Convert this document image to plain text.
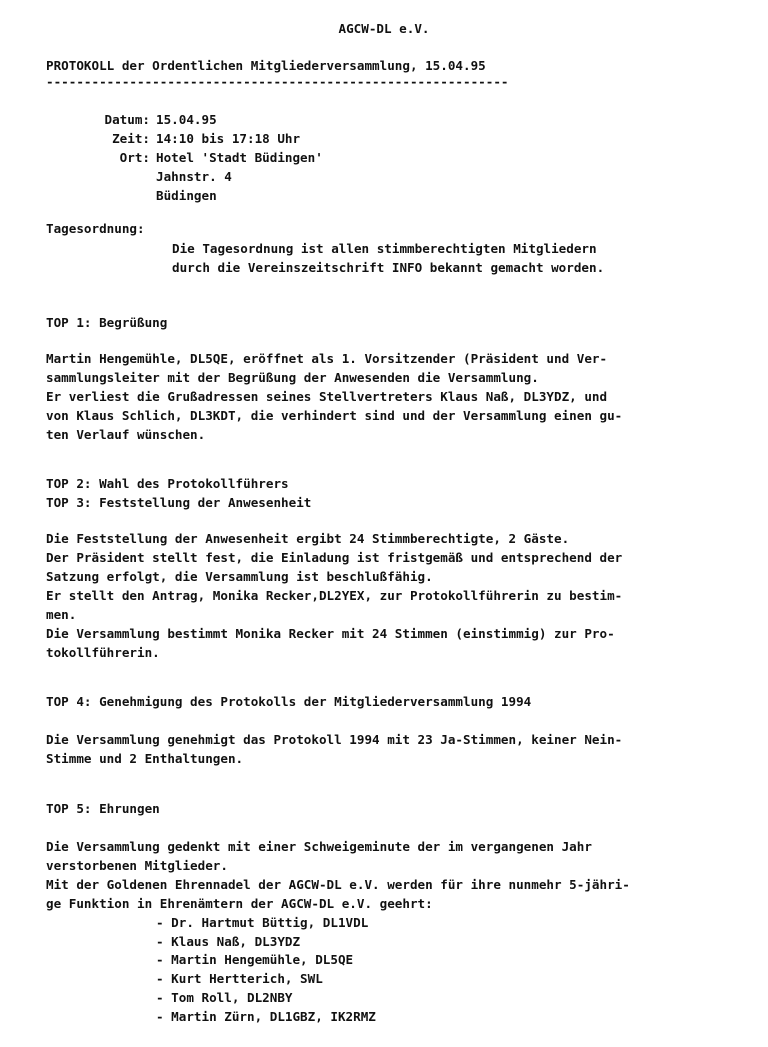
AGCW-DL e.V.
PROTOKOLL der Ordentlichen Mitgliederversammlung, 15.04.95
-------------------------------------------------------------
Datum: 15.04.95
Zeit: 14:10 bis 17:18 Uhr
Ort: Hotel 'Stadt Büdingen'
Jahnstr. 4
Büdingen
Tagesordnung:
Die Tagesordnung ist allen stimmberechtigten Mitgliedern
durch die Vereinszeitschrift INFO bekannt gemacht worden.
TOP 1: Begrüßung
Martin Hengemühle, DL5QE, eröffnet als 1. Vorsitzender (Präsident und Ver-
sammlungsleiter mit der Begrüßung der Anwesenden die Versammlung.
Er verliest die Grußadressen seines Stellvertreters Klaus Naß, DL3YDZ, und
von Klaus Schlich, DL3KDT, die verhindert sind und der Versammlung einen gu-
ten Verlauf wünschen.
TOP 2: Wahl des Protokollführers
TOP 3: Feststellung der Anwesenheit
Die Feststellung der Anwesenheit ergibt 24 Stimmberechtigte, 2 Gäste.
Der Präsident stellt fest, die Einladung ist fristgemäß und entsprechend der
Satzung erfolgt, die Versammlung ist beschlußfähig.
Er stellt den Antrag, Monika Recker,DL2YEX, zur Protokollführerin zu bestim-
men.
Die Versammlung bestimmt Monika Recker mit 24 Stimmen (einstimmig) zur Pro-
tokollführerin.
TOP 4: Genehmigung des Protokolls der Mitgliederversammlung 1994
Die Versammlung genehmigt das Protokoll 1994 mit 23 Ja-Stimmen, keiner Nein-
Stimme und 2 Enthaltungen.
TOP 5: Ehrungen
Die Versammlung gedenkt mit einer Schweigeminute der im vergangenen Jahr
verstorbenen Mitglieder.
Mit der Goldenen Ehrennadel der AGCW-DL e.V. werden für ihre nunmehr 5-jähri-
ge Funktion in Ehrenämtern der AGCW-DL e.V. geehrt:
- Dr. Hartmut Büttig, DL1VDL
- Klaus Naß, DL3YDZ
- Martin Hengemühle, DL5QE
- Kurt Hertterich, SWL
- Tom Roll, DL2NBY
- Martin Zürn, DL1GBZ, IK2RMZ
